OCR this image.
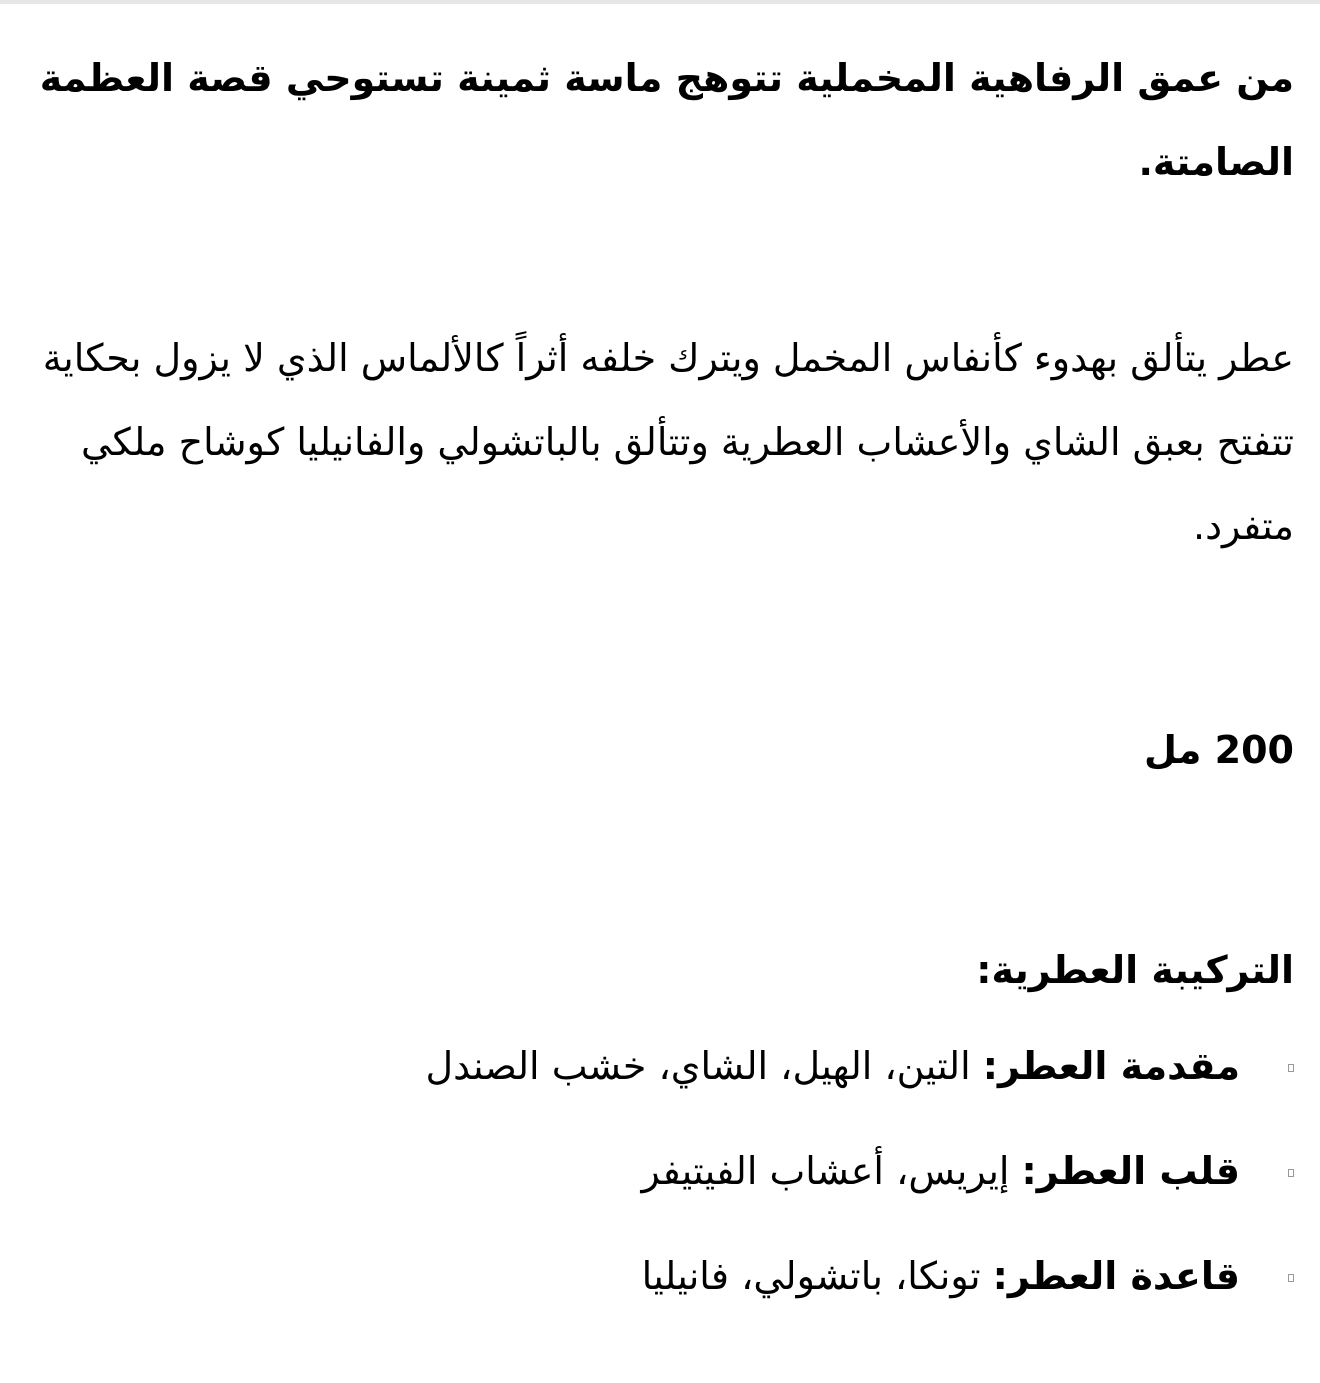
من عمق الرفاهية المخملية تتوهج ماسة ثمينة تستوحي قصة العظمة الصامتة.

عطر يتألق بهدوء كأنفاس المخمل ويترك خلفه أثراً كالألماس الذي لا يزول بحكاية تتفتح بعبق الشاي والأعشاب العطرية وتتألق بالباتشولي والفانيليا كوشاح ملكي متفرد.

200 مل

التركيبة العطرية:

مقدمة العطر: التين، الهيل، الشاي، خشب الصندل
قلب العطر: إيريس، أعشاب الفيتيفر
قاعدة العطر: تونكا، باتشولي، فانيليا
